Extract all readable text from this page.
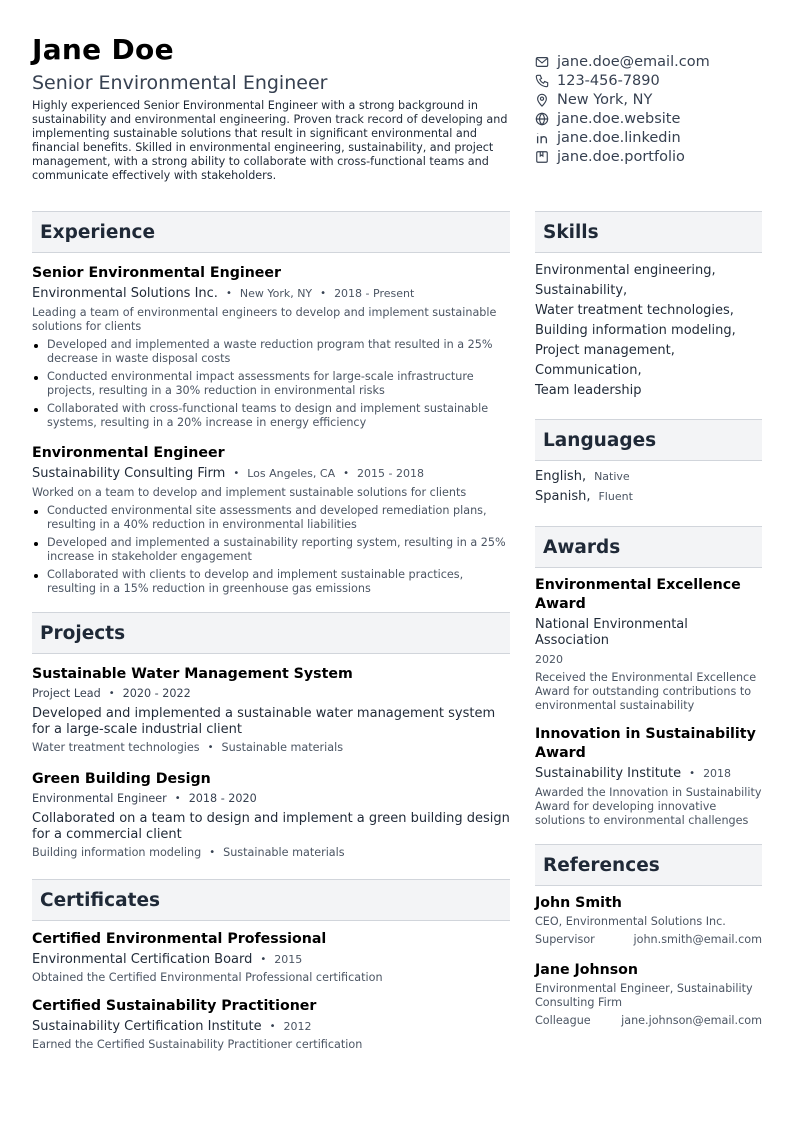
Jane Doe
Senior Environmental Engineer
Highly experienced Senior Environmental Engineer with a strong background in sustainability and environmental engineering. Proven track record of developing and implementing sustainable solutions that result in significant environmental and financial benefits. Skilled in environmental engineering, sustainability, and project management, with a strong ability to collaborate with cross-functional teams and communicate effectively with stakeholders.
jane.doe@email.com
123-456-7890
New York, NY
jane.doe.website
jane.doe.linkedin
jane.doe.portfolio
Experience
Senior Environmental Engineer
Environmental Solutions Inc. • New York, NY • 2018 - Present
Leading a team of environmental engineers to develop and implement sustainable solutions for clients
Developed and implemented a waste reduction program that resulted in a 25% decrease in waste disposal costs
Conducted environmental impact assessments for large-scale infrastructure projects, resulting in a 30% reduction in environmental risks
Collaborated with cross-functional teams to design and implement sustainable systems, resulting in a 20% increase in energy efficiency
Environmental Engineer
Sustainability Consulting Firm • Los Angeles, CA • 2015 - 2018
Worked on a team to develop and implement sustainable solutions for clients
Conducted environmental site assessments and developed remediation plans, resulting in a 40% reduction in environmental liabilities
Developed and implemented a sustainability reporting system, resulting in a 25% increase in stakeholder engagement
Collaborated with clients to develop and implement sustainable practices, resulting in a 15% reduction in greenhouse gas emissions
Projects
Sustainable Water Management System
Project Lead • 2020 - 2022
Developed and implemented a sustainable water management system for a large-scale industrial client
Water treatment technologies • Sustainable materials
Green Building Design
Environmental Engineer • 2018 - 2020
Collaborated on a team to design and implement a green building design for a commercial client
Building information modeling • Sustainable materials
Certificates
Certified Environmental Professional
Environmental Certification Board • 2015
Obtained the Certified Environmental Professional certification
Certified Sustainability Practitioner
Sustainability Certification Institute • 2012
Earned the Certified Sustainability Practitioner certification
Skills
Environmental engineering,
Sustainability,
Water treatment technologies,
Building information modeling,
Project management,
Communication,
Team leadership
Languages
English, Native
Spanish, Fluent
Awards
Environmental Excellence Award
National Environmental Association
2020
Received the Environmental Excellence Award for outstanding contributions to environmental sustainability
Innovation in Sustainability Award
Sustainability Institute • 2018
Awarded the Innovation in Sustainability Award for developing innovative solutions to environmental challenges
References
John Smith
CEO, Environmental Solutions Inc.
Supervisor	john.smith@email.com
Jane Johnson
Environmental Engineer, Sustainability Consulting Firm
Colleague	jane.johnson@email.com
